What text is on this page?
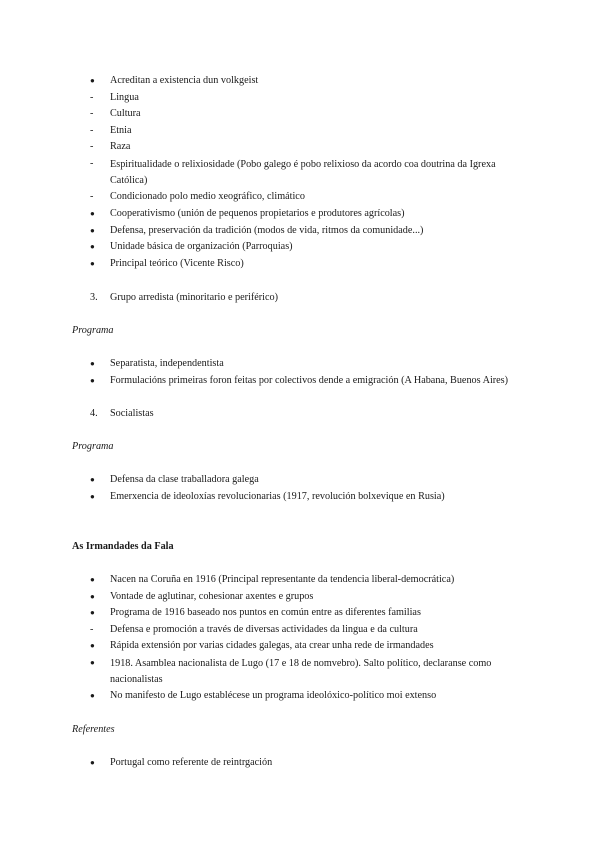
● Acreditan a existencia dun volkgeist
- Lingua
- Cultura
- Etnia
- Raza
- Espiritualidade o relixiosidade (Pobo galego é pobo relixioso da acordo coa doutrina da Igrexa Católica)
- Condicionado polo medio xeográfico, climático
● Cooperativismo (unión de pequenos propietarios e produtores agrícolas)
● Defensa, preservación da tradición (modos de vida, ritmos da comunidade...)
● Unidade básica de organización (Parroquias)
● Principal teórico (Vicente Risco)
3. Grupo arredista (minoritario e periférico)
Programa
● Separatista, independentista
● Formulacións primeiras foron feitas por colectivos dende a emigración (A Habana, Buenos Aires)
4. Socialistas
Programa
● Defensa da clase traballadora galega
● Emerxencia de ideoloxías revolucionarias (1917, revolución bolxevique en Rusia)
As Irmandades da Fala
● Nacen na Coruña en 1916 (Principal representante da tendencia liberal-democrática)
● Vontade de aglutinar, cohesionar axentes e grupos
● Programa de 1916 baseado nos puntos en común entre as diferentes familias
- Defensa e promoción a través de diversas actividades da lingua e da cultura
● Rápida extensión por varias cidades galegas, ata crear unha rede de irmandades
● 1918. Asamblea nacionalista de Lugo (17 e 18 de nomvebro). Salto político, declaranse como nacionalistas
● No manifesto de Lugo establécese un programa ideolóxico-político moi extenso
Referentes
● Portugal como referente de reintrgación
